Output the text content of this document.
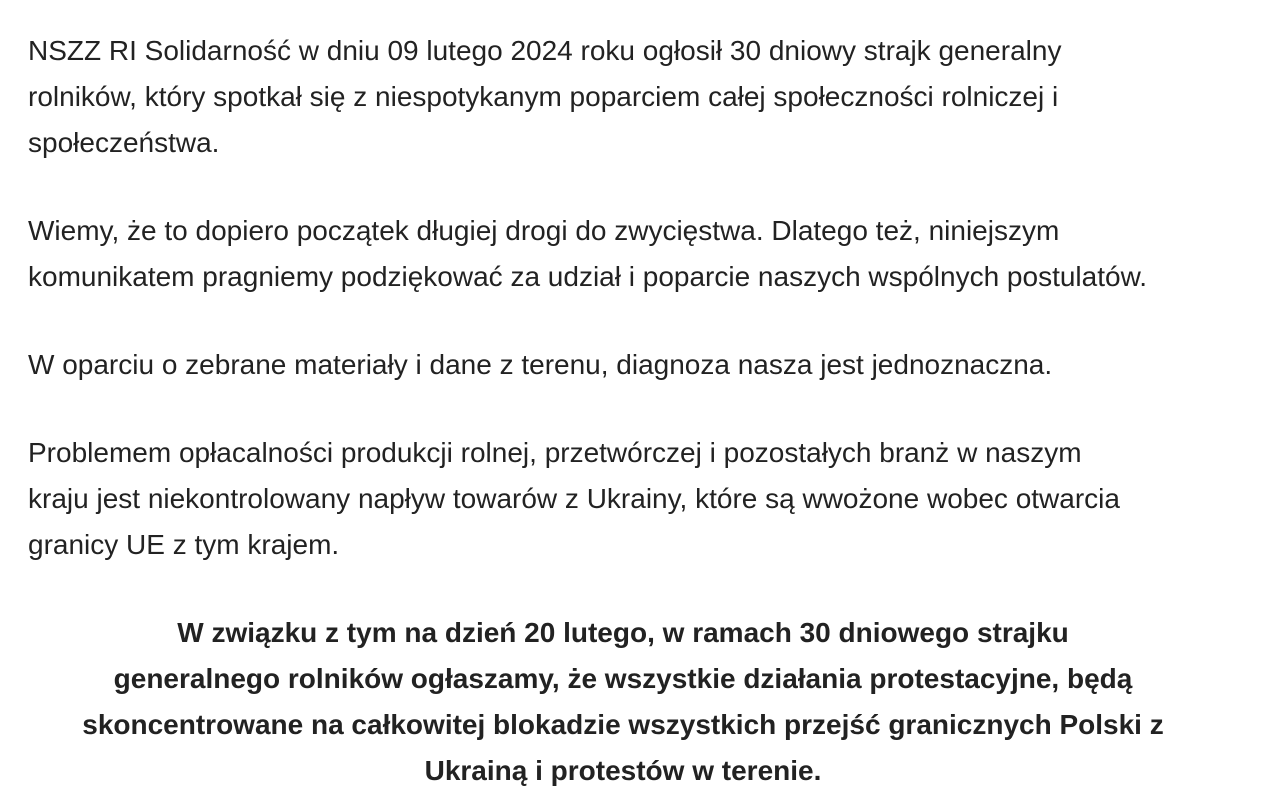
NSZZ RI Solidarność w dniu 09 lutego 2024 roku ogłosił 30 dniowy strajk generalny
rolników, który spotkał się z niespotykanym poparciem całej społeczności rolniczej i
społeczeństwa.
Wiemy, że to dopiero początek długiej drogi do zwycięstwa. Dlatego też, niniejszym
komunikatem pragniemy podziękować za udział i poparcie naszych wspólnych postulatów.
W oparciu o zebrane materiały i dane z terenu, diagnoza nasza jest jednoznaczna.
Problemem opłacalności produkcji rolnej, przetwórczej i pozostałych branż w naszym
kraju jest niekontrolowany napływ towarów z Ukrainy, które są wwożone wobec otwarcia
granicy UE z tym krajem.
W związku z tym na dzień 20 lutego, w ramach 30 dniowego strajku
generalnego rolników ogłaszamy, że wszystkie działania protestacyjne, będą
skoncentrowane na całkowitej blokadzie wszystkich przejść granicznych Polski z
Ukrainą i protestów w terenie.
